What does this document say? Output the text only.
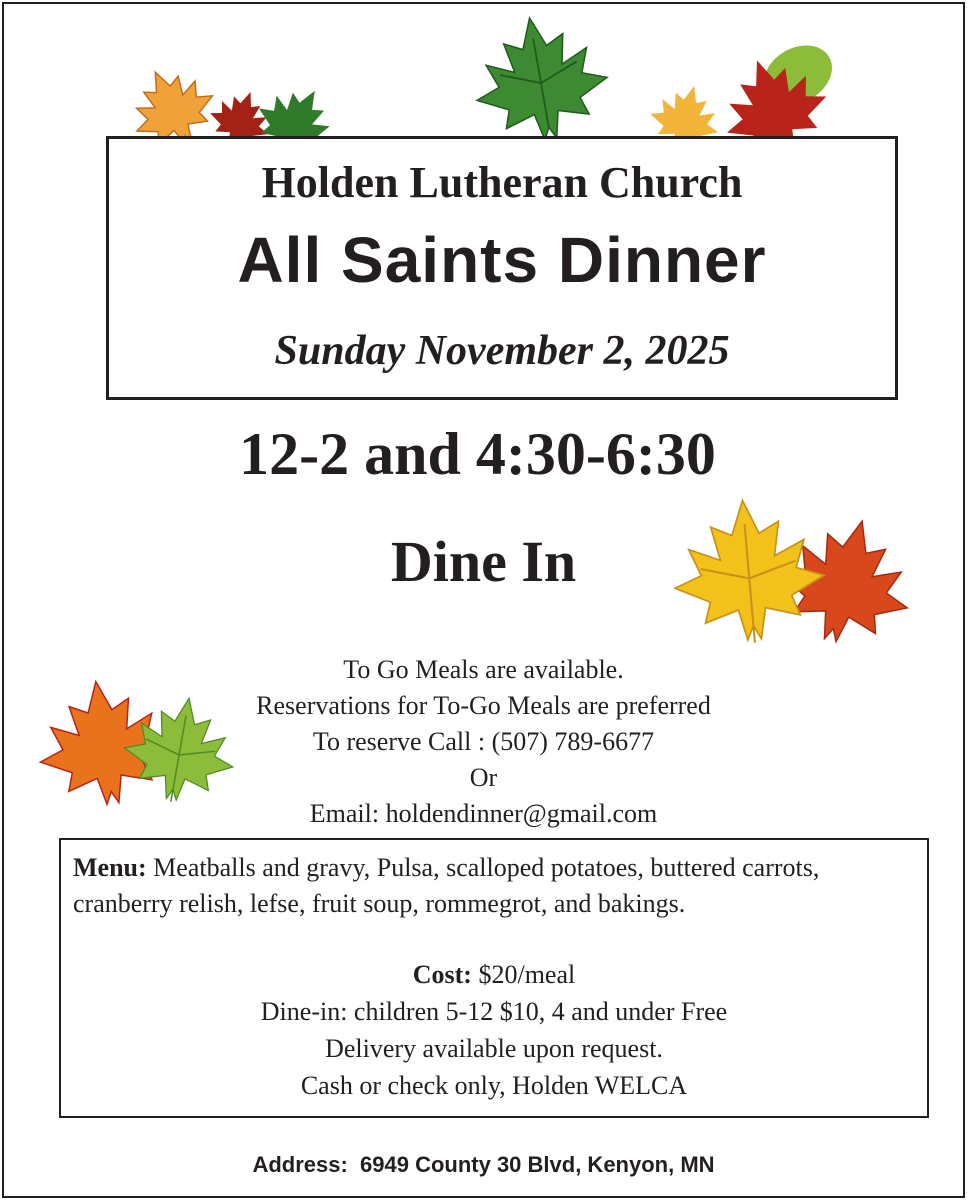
Holden Lutheran Church
All Saints Dinner
Sunday November 2, 2025
12-2 and 4:30-6:30
Dine In
To Go Meals are available.
Reservations for To-Go Meals are preferred
To reserve Call : (507) 789-6677
Or
Email: holdendinner@gmail.com
Menu: Meatballs and gravy, Pulsa, scalloped potatoes, buttered carrots, cranberry relish, lefse, fruit soup, rommegrot, and bakings.
Cost: $20/meal
Dine-in: children 5-12 $10, 4 and under Free
Delivery available upon request.
Cash or check only, Holden WELCA
Address:  6949 County 30 Blvd, Kenyon, MN
